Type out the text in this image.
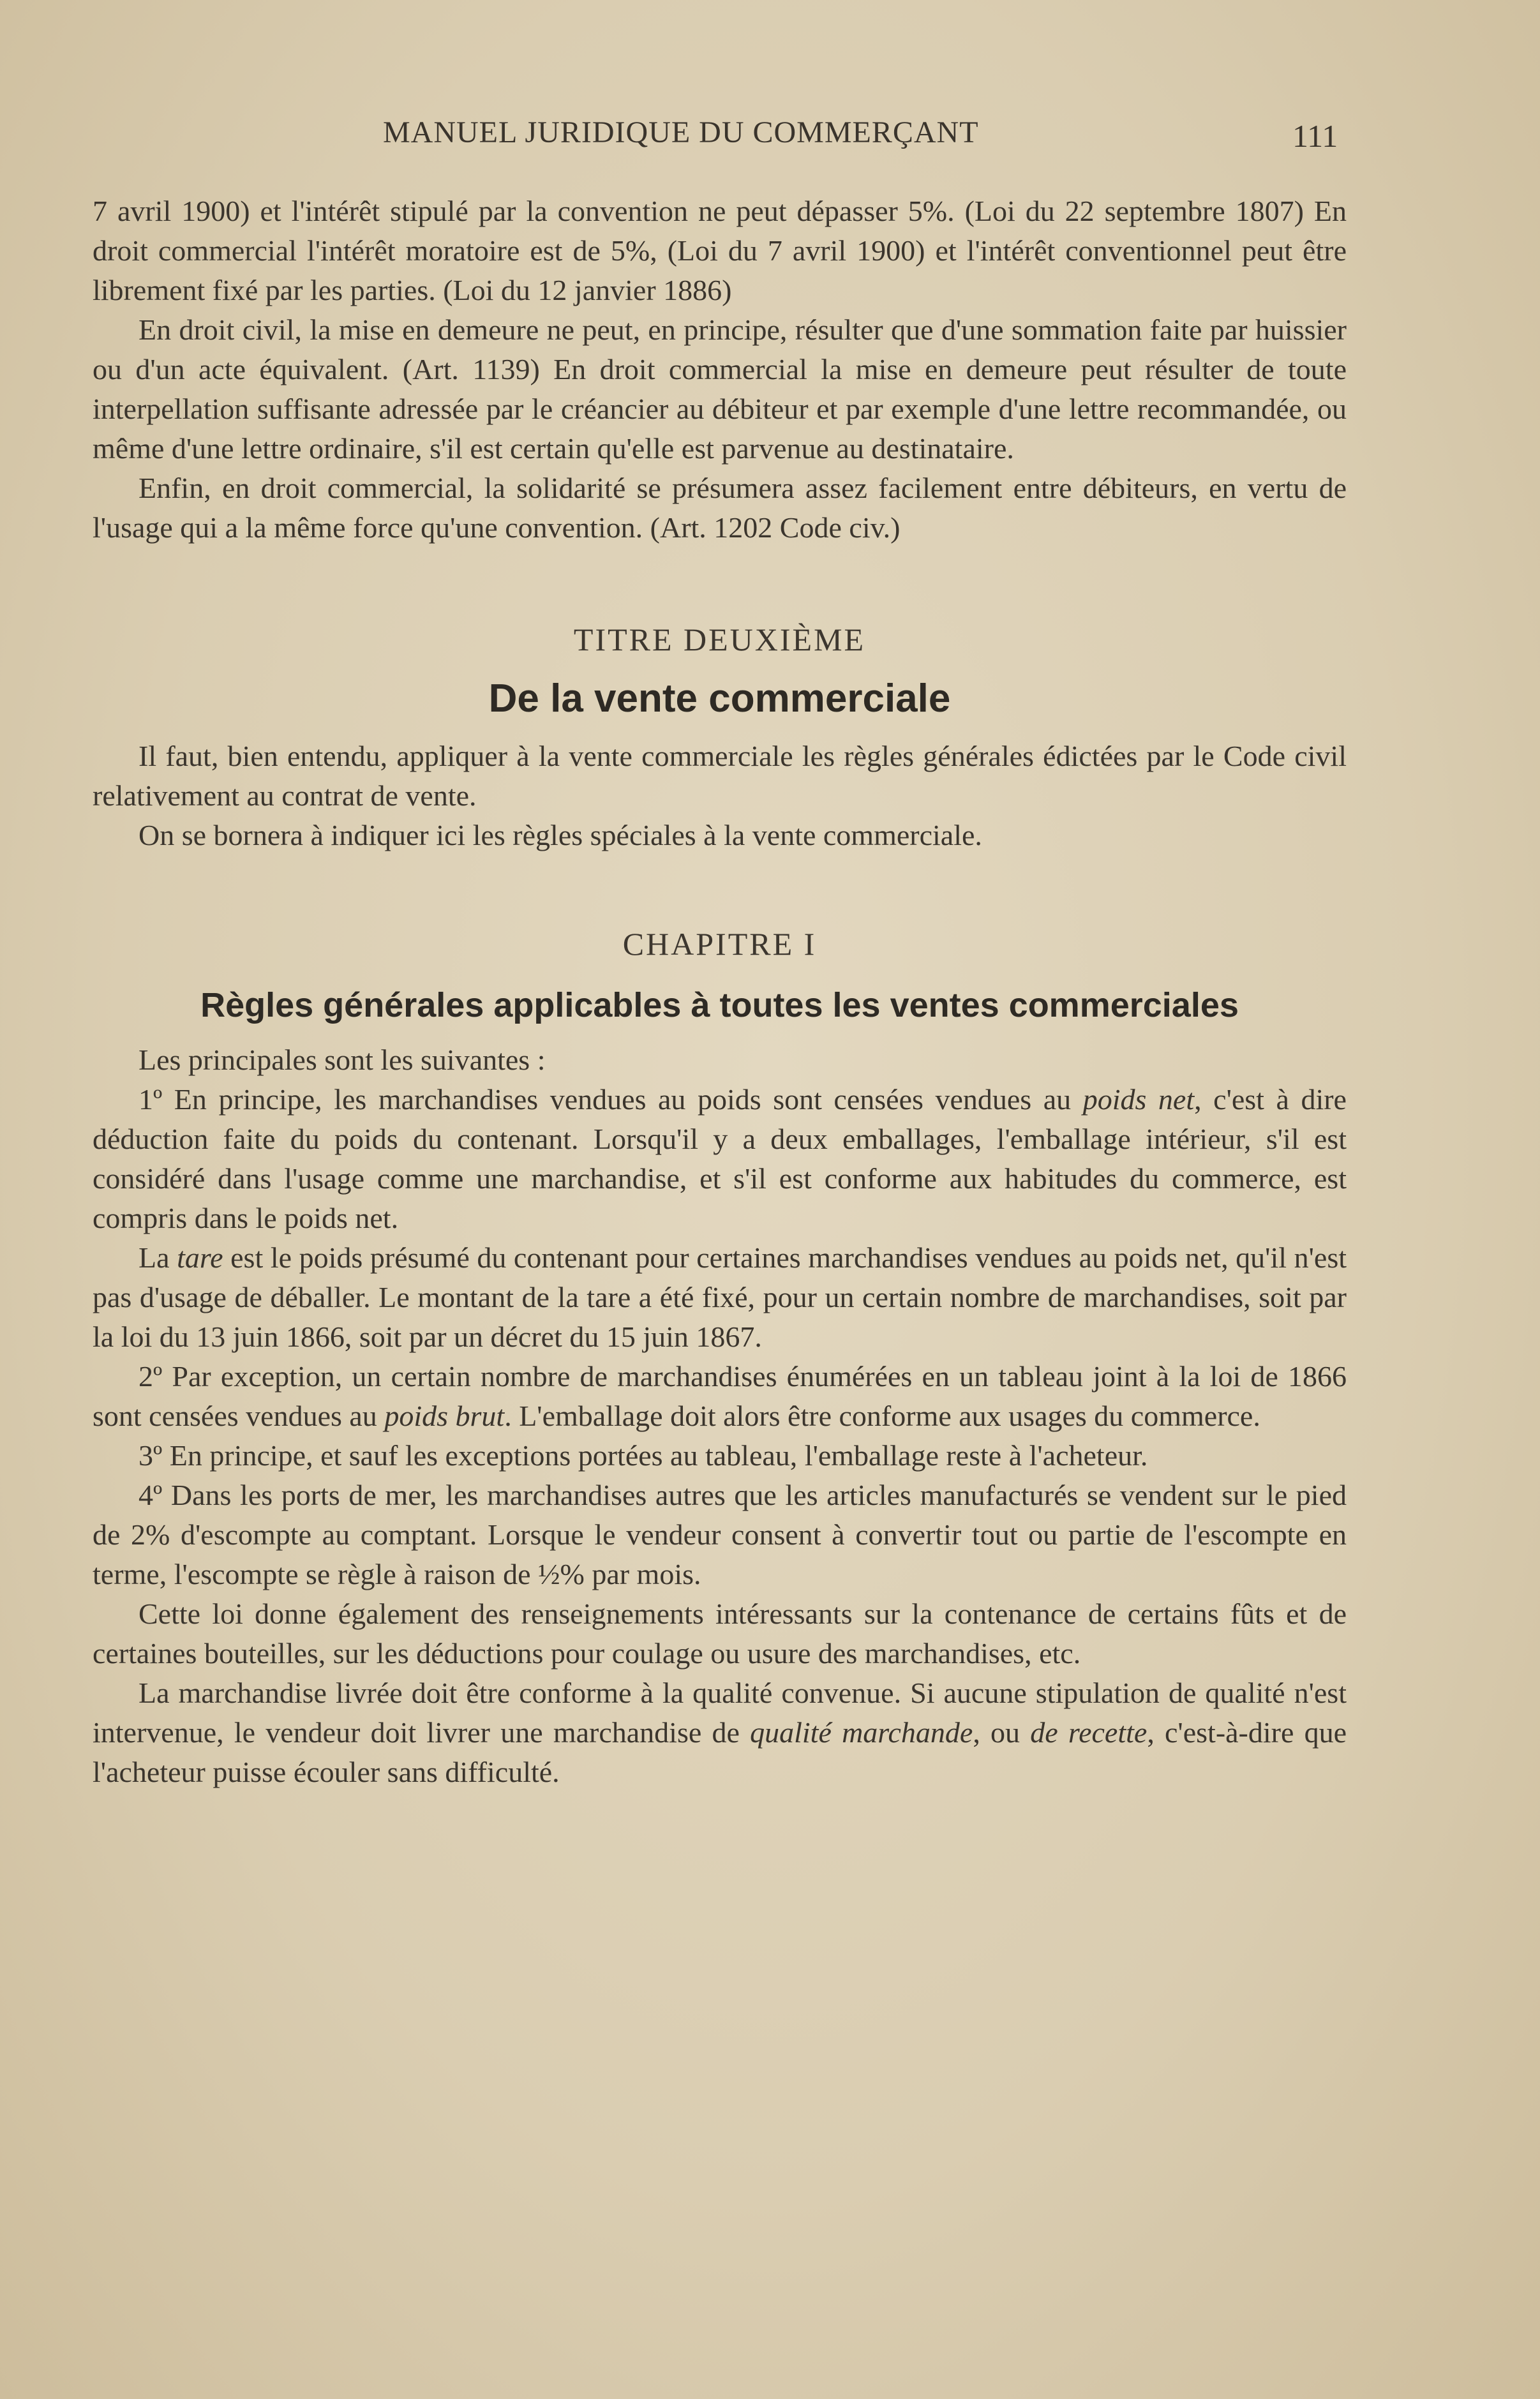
MANUEL JURIDIQUE DU COMMERÇANT	111

7 avril 1900) et l'intérêt stipulé par la convention ne peut dépasser 5%. (Loi du 22 septembre 1807) En droit commercial l'intérêt moratoire est de 5%, (Loi du 7 avril 1900) et l'intérêt conventionnel peut être librement fixé par les parties. (Loi du 12 janvier 1886)

En droit civil, la mise en demeure ne peut, en principe, résulter que d'une sommation faite par huissier ou d'un acte équivalent. (Art. 1139) En droit commercial la mise en demeure peut résulter de toute interpellation suffisante adressée par le créancier au débiteur et par exemple d'une lettre recommandée, ou même d'une lettre ordinaire, s'il est certain qu'elle est parvenue au destinataire.

Enfin, en droit commercial, la solidarité se présumera assez facilement entre débiteurs, en vertu de l'usage qui a la même force qu'une convention. (Art. 1202 Code civ.)

TITRE DEUXIÈME
De la vente commerciale

Il faut, bien entendu, appliquer à la vente commerciale les règles générales édictées par le Code civil relativement au contrat de vente.

On se bornera à indiquer ici les règles spéciales à la vente commerciale.

CHAPITRE I
Règles générales applicables à toutes les ventes commerciales

Les principales sont les suivantes :

1º En principe, les marchandises vendues au poids sont censées vendues au poids net, c'est à dire déduction faite du poids du contenant. Lorsqu'il y a deux emballages, l'emballage intérieur, s'il est considéré dans l'usage comme une marchandise, et s'il est conforme aux habitudes du commerce, est compris dans le poids net.

La tare est le poids présumé du contenant pour certaines marchandises vendues au poids net, qu'il n'est pas d'usage de déballer. Le montant de la tare a été fixé, pour un certain nombre de marchandises, soit par la loi du 13 juin 1866, soit par un décret du 15 juin 1867.

2º Par exception, un certain nombre de marchandises énumérées en un tableau joint à la loi de 1866 sont censées vendues au poids brut. L'emballage doit alors être conforme aux usages du commerce.

3º En principe, et sauf les exceptions portées au tableau, l'emballage reste à l'acheteur.

4º Dans les ports de mer, les marchandises autres que les articles manufacturés se vendent sur le pied de 2% d'escompte au comptant. Lorsque le vendeur consent à convertir tout ou partie de l'escompte en terme, l'escompte se règle à raison de ½% par mois.

Cette loi donne également des renseignements intéressants sur la contenance de certains fûts et de certaines bouteilles, sur les déductions pour coulage ou usure des marchandises, etc.

La marchandise livrée doit être conforme à la qualité convenue. Si aucune stipulation de qualité n'est intervenue, le vendeur doit livrer une marchandise de qualité marchande, ou de recette, c'est-à-dire que l'acheteur puisse écouler sans difficulté.
